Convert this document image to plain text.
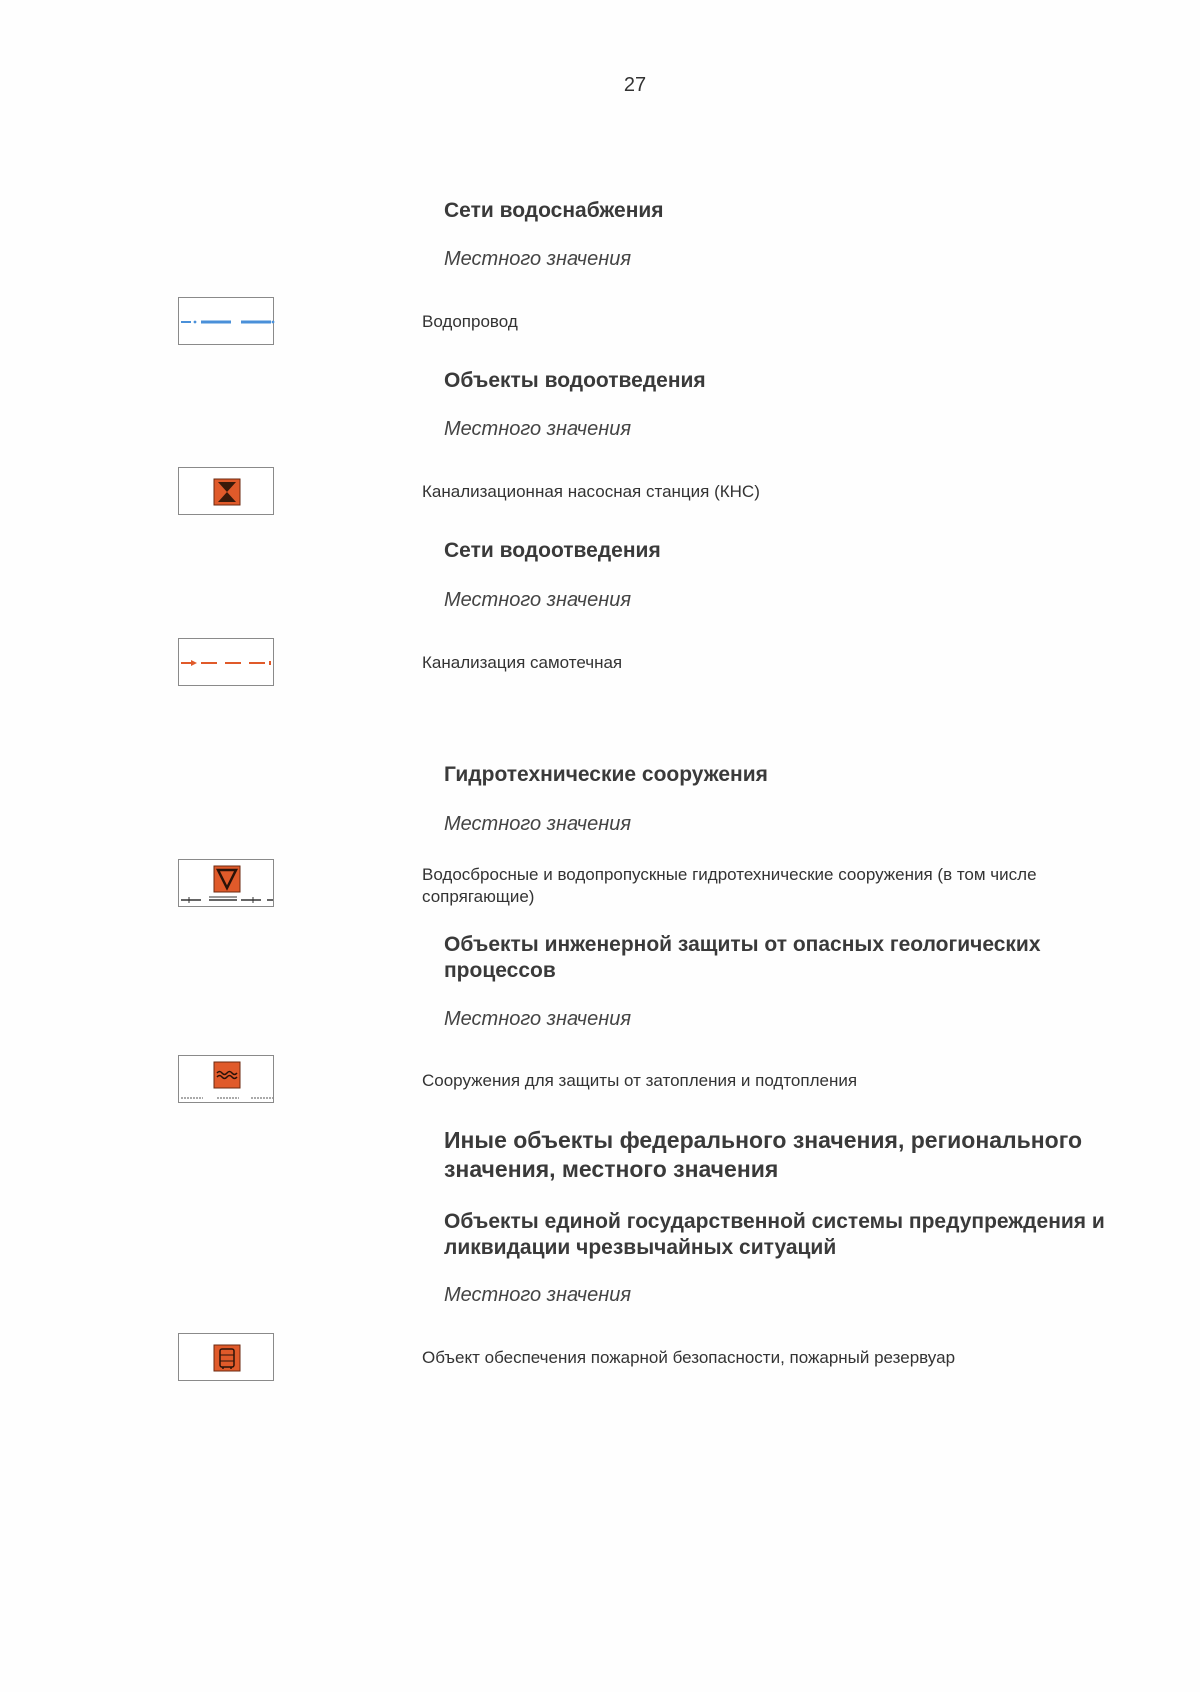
27
Сети водоснабжения
Местного значения
Водопровод
Объекты водоотведения
Местного значения
Канализационная насосная станция (КНС)
Сети водоотведения
Местного значения
Канализация самотечная
Гидротехнические сооружения
Местного значения
Водосбросные и водопропускные гидротехнические сооружения (в том числе сопрягающие)
Объекты инженерной защиты от опасных геологических процессов
Местного значения
Сооружения для защиты от затопления и подтопления
Иные объекты федерального значения, регионального значения, местного значения
Объекты единой государственной системы предупреждения и ликвидации чрезвычайных ситуаций
Местного значения
Объект обеспечения пожарной безопасности, пожарный резервуар
